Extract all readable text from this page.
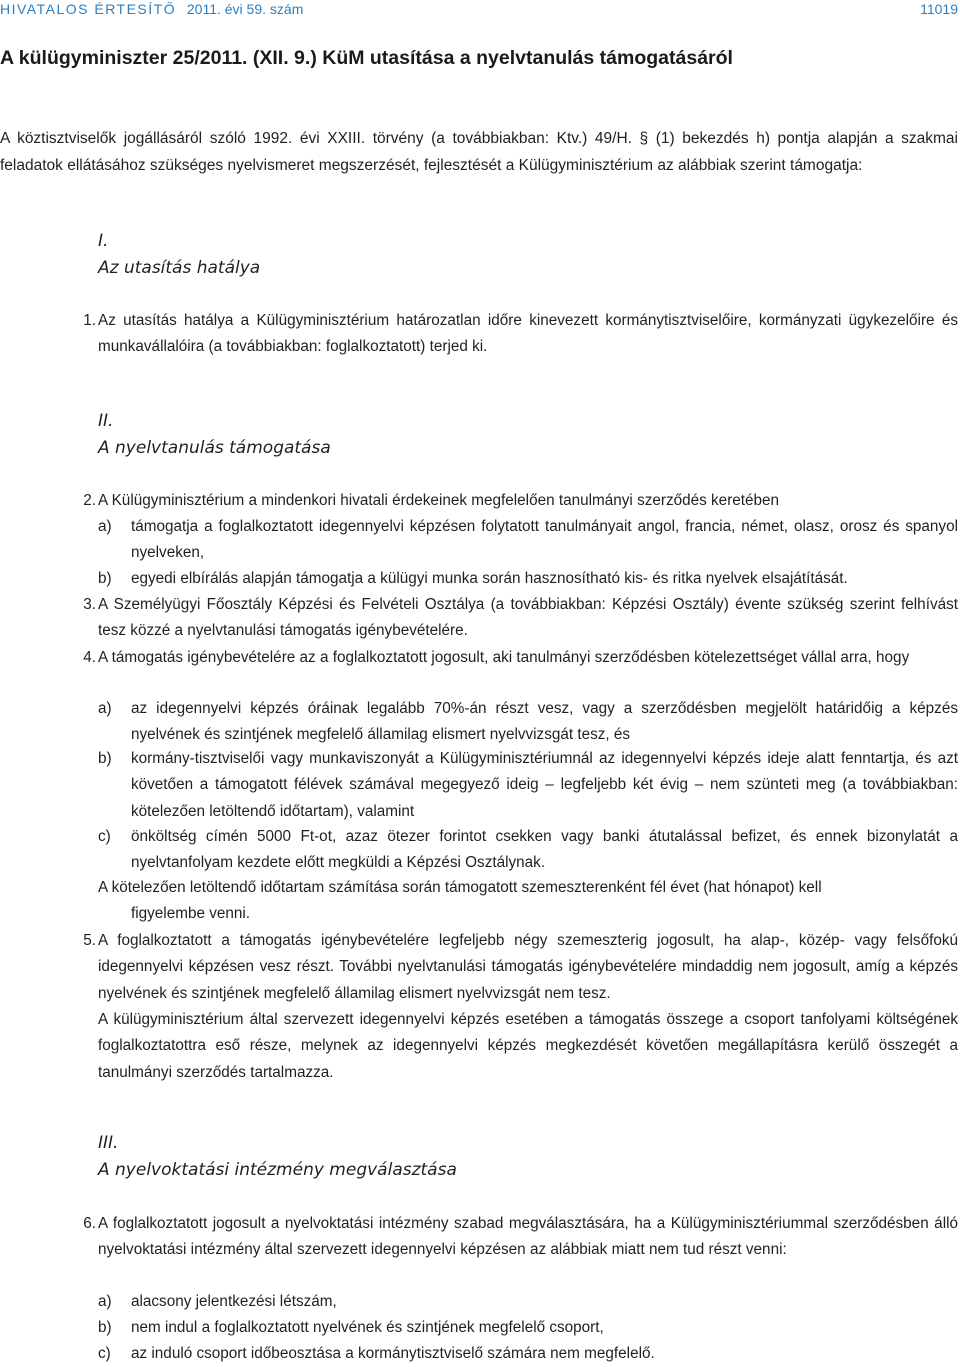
HIVATALOS ÉRTESÍTŐ 2011. évi 59. szám	11019
A külügyminiszter 25/2011. (XII. 9.) KüM utasítása a nyelvtanulás támogatásáról
A köztisztviselők jogállásáról szóló 1992. évi XXIII. törvény (a továbbiakban: Ktv.) 49/H. § (1) bekezdés h) pontja alapján a szakmai feladatok ellátásához szükséges nyelvismeret megszerzését, fejlesztését a Külügyminisztérium az alábbiak szerint támogatja:
I.
Az utasítás hatálya
1. Az utasítás hatálya a Külügyminisztérium határozatlan időre kinevezett kormánytisztviselőire, kormányzati ügykezelőire és munkavállalóira (a továbbiakban: foglalkoztatott) terjed ki.
II.
A nyelvtanulás támogatása
2. A Külügyminisztérium a mindenkori hivatali érdekeinek megfelelően tanulmányi szerződés keretében
a) támogatja a foglalkoztatott idegennyelvi képzésen folytatott tanulmányait angol, francia, német, olasz, orosz és spanyol nyelveken,
b) egyedi elbírálás alapján támogatja a külügyi munka során hasznosítható kis- és ritka nyelvek elsajátítását.
3. A Személyügyi Főosztály Képzési és Felvételi Osztálya (a továbbiakban: Képzési Osztály) évente szükség szerint felhívást tesz közzé a nyelvtanulási támogatás igénybevételére.
4. A támogatás igénybevételére az a foglalkoztatott jogosult, aki tanulmányi szerződésben kötelezettséget vállal arra, hogy
a) az idegennyelvi képzés óráinak legalább 70%-án részt vesz, vagy a szerződésben megjelölt határidőig a képzés nyelvének és szintjének megfelelő államilag elismert nyelvvizsgát tesz, és
b) kormány-tisztviselői vagy munkaviszonyát a Külügyminisztériumnál az idegennyelvi képzés ideje alatt fenntartja, és azt követően a támogatott félévek számával megegyező ideig – legfeljebb két évig – nem szünteti meg (a továbbiakban: kötelezően letöltendő időtartam), valamint
c) önköltség címén 5000 Ft-ot, azaz ötezer forintot csekken vagy banki átutalással befizet, és ennek bizonylatát a nyelvtanfolyam kezdete előtt megküldi a Képzési Osztálynak.
A kötelezően letöltendő időtartam számítása során támogatott szemeszterenként fél évet (hat hónapot) kell
figyelembe venni.
5. A foglalkoztatott a támogatás igénybevételére legfeljebb négy szemeszterig jogosult, ha alap-, közép- vagy felsőfokú idegennyelvi képzésen vesz részt. További nyelvtanulási támogatás igénybevételére mindaddig nem jogosult, amíg a képzés nyelvének és szintjének megfelelő államilag elismert nyelvvizsgát nem tesz.
A külügyminisztérium által szervezett idegennyelvi képzés esetében a támogatás összege a csoport tanfolyami költségének foglalkoztatottra eső része, melynek az idegennyelvi képzés megkezdését követően megállapításra kerülő összegét a tanulmányi szerződés tartalmazza.
III.
A nyelvoktatási intézmény megválasztása
6. A foglalkoztatott jogosult a nyelvoktatási intézmény szabad megválasztására, ha a Külügyminisztériummal szerződésben álló nyelvoktatási intézmény által szervezett idegennyelvi képzésen az alábbiak miatt nem tud részt venni:
a) alacsony jelentkezési létszám,
b) nem indul a foglalkoztatott nyelvének és szintjének megfelelő csoport,
c) az induló csoport időbeosztása a kormánytisztviselő számára nem megfelelő.
